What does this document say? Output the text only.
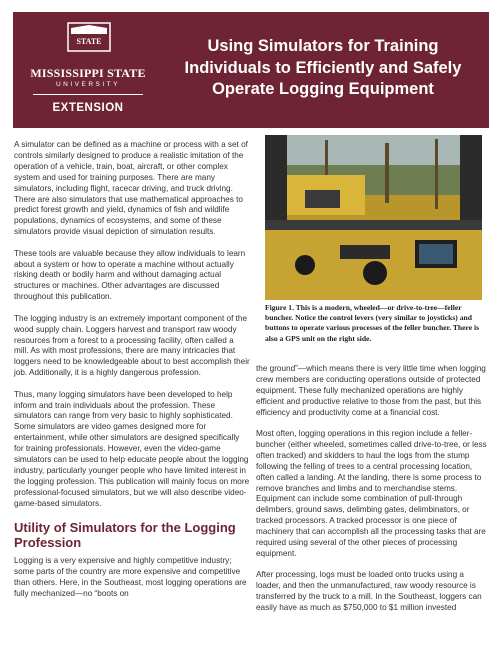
STATE
MISSISSIPPI STATE
UNIVERSITY
EXTENSION
Using Simulators for Training Individuals to Efficiently and Safely Operate Logging Equipment

A simulator can be defined as a machine or process with a set of controls similarly designed to produce a realistic imitation of the operation of a vehicle, train, boat, aircraft, or other complex system and used for training purposes. There are many simulators, including flight, racecar driving, and truck driving. There are also simulators that use mathematical approaches to predict forest growth and yield, dynamics of fish and wildlife populations, dynamics of ecosystems, and some of these simulators provide visual depiction of simulation results.

These tools are valuable because they allow individuals to learn about a system or how to operate a machine without actually risking death or bodily harm and without damaging actual structures or machines. Other advantages are discussed throughout this publication.

The logging industry is an extremely important component of the wood supply chain. Loggers harvest and transport raw woody resources from a forest to a processing facility, often called a mill. As with most professions, there are many intricacies that loggers need to be knowledgeable about to best accomplish their job. Additionally, it is a highly dangerous profession.

Thus, many logging simulators have been developed to help inform and train individuals about the profession. These simulators can range from very basic to highly sophisticated. Some simulators are video games designed more for entertainment, while other simulators are designed specifically for training professionals. However, even the video-game simulators can be used to help educate people about the logging industry, particularly younger people who have limited interest in the logging profession. This publication will mainly focus on more professional-focused simulators, but we will also describe video-game-based simulators.

Utility of Simulators for the Logging Profession

Logging is a very expensive and highly competitive industry; some parts of the country are more expensive and competitive than others. Here, in the Southeast, most logging operations are fully mechanized—no “boots on

Figure 1. This is a modern, wheeled—or drive-to-tree—feller buncher. Notice the control levers (very similar to joysticks) and buttons to operate various processes of the feller buncher. There is also a GPS unit on the right side.

the ground”—which means there is very little time when logging crew members are conducting operations outside of protected equipment. These fully mechanized operations are highly efficient and productive relative to those from the past, but this efficiency and productivity come at a financial cost.

Most often, logging operations in this region include a feller-buncher (either wheeled, sometimes called drive-to-tree, or less often tracked) and skidders to haul the logs from the stump following the felling of trees to a central processing location, often called a landing. At the landing, there is some process to remove branches and limbs and to merchandise stems. Equipment can include some combination of pull-through delimbers, ground saws, delimbing gates, delimbinators, or tracked processors. A tracked processor is one piece of machinery that can accomplish all the processing tasks that are required using several of the other pieces of processing equipment.

After processing, logs must be loaded onto trucks using a loader, and then the unmanufactured, raw woody resource is transferred by the truck to a mill. In the Southeast, loggers can easily have as much as $750,000 to $1 million invested
